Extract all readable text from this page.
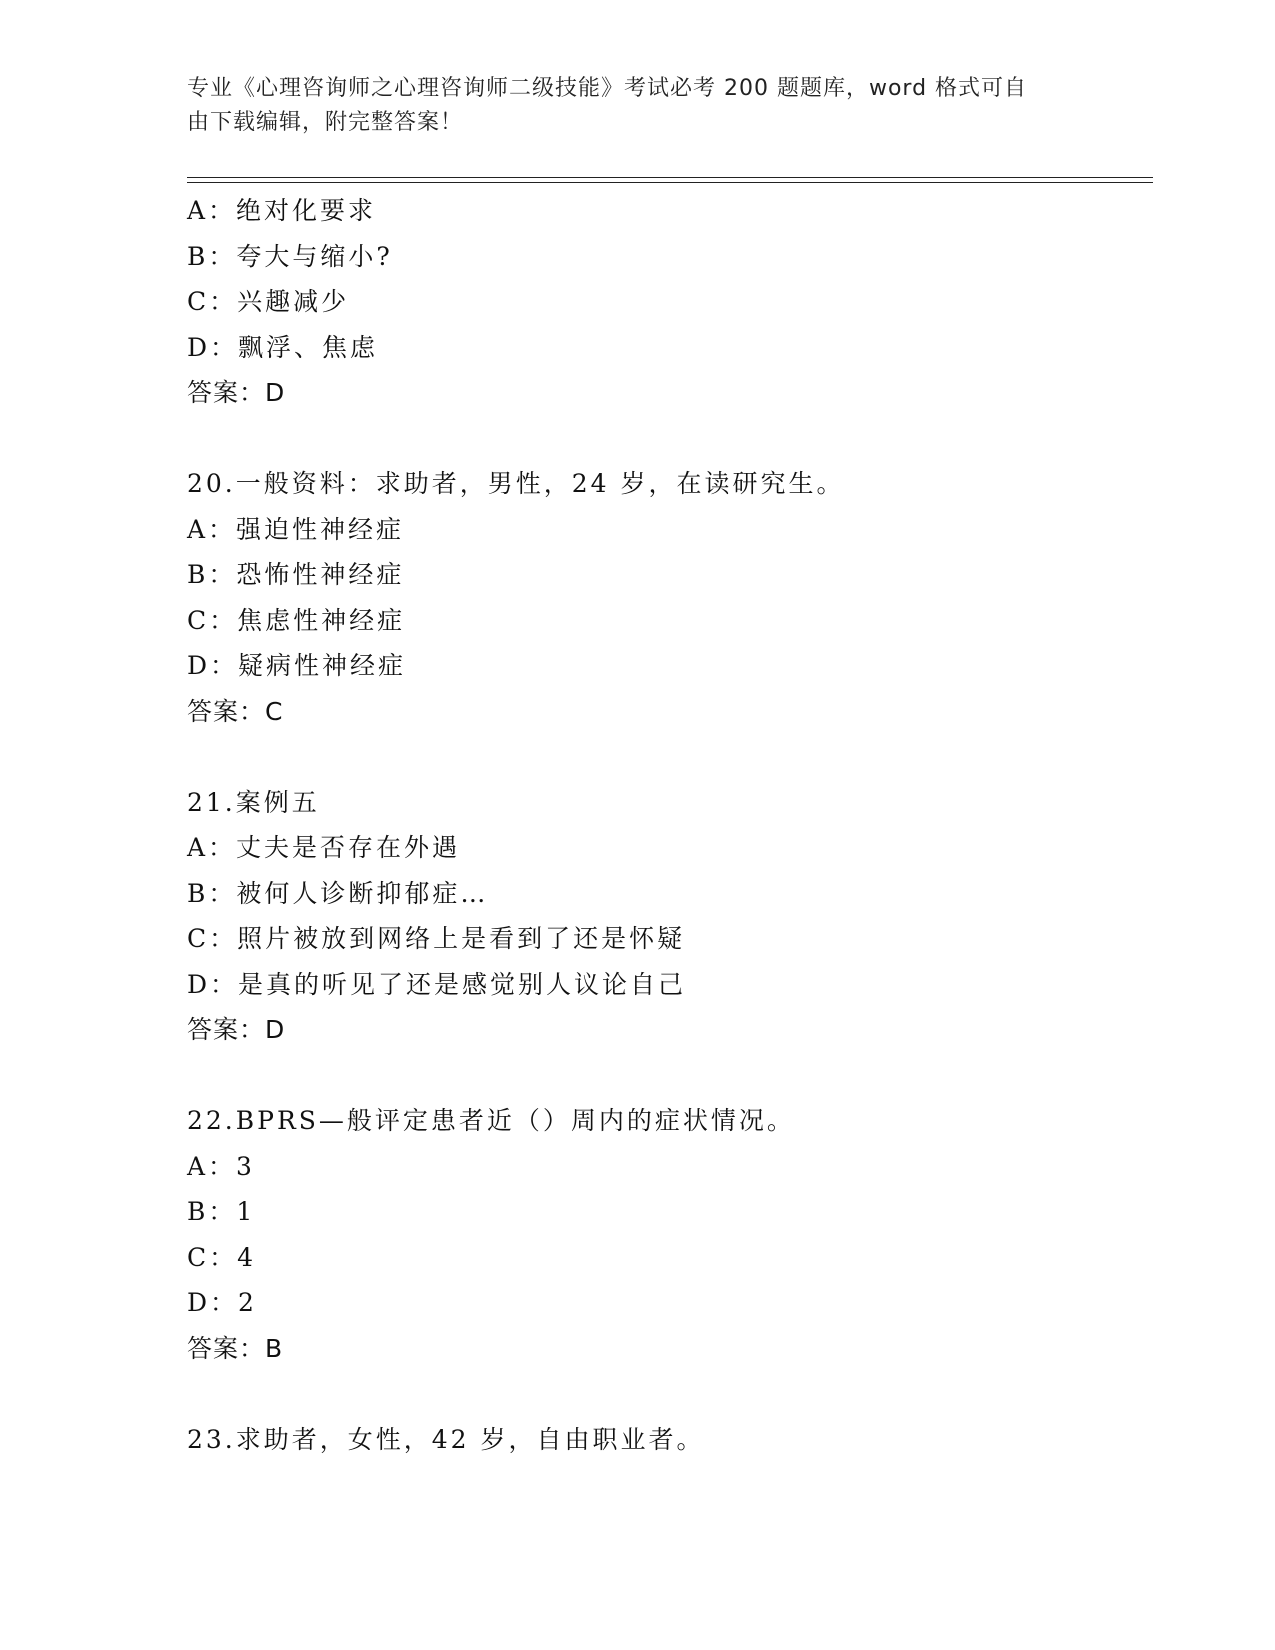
专业《心理咨询师之心理咨询师二级技能》考试必考 200 题题库，word 格式可自
由下载编辑，附完整答案！
A：绝对化要求
B：夸大与缩小?
C：兴趣减少
D：飘浮、焦虑
答案：D
20.一般资料：求助者，男性，24 岁，在读研究生。
A：强迫性神经症
B：恐怖性神经症
C：焦虑性神经症
D：疑病性神经症
答案：C
21.案例五
A：丈夫是否存在外遇
B：被何人诊断抑郁症…
C：照片被放到网络上是看到了还是怀疑
D：是真的听见了还是感觉别人议论自己
答案：D
22.BPRS—般评定患者近（）周内的症状情况。
A：3
B：1
C：4
D：2
答案：B
23.求助者，女性，42 岁，自由职业者。
